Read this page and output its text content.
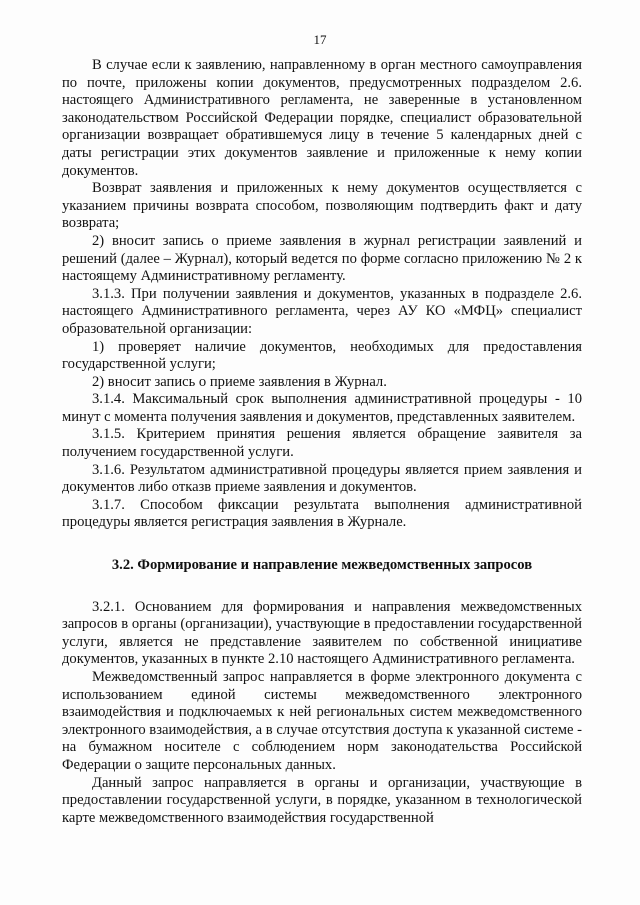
17

В случае если к заявлению, направленному в орган местного самоуправления по почте, приложены копии документов, предусмотренных подразделом 2.6. настоящего Административного регламента, не заверенные в установленном законодательством Российской Федерации порядке, специалист образовательной организации возвращает обратившемуся лицу в течение 5 календарных дней с даты регистрации этих документов заявление и приложенные к нему копии документов.

Возврат заявления и приложенных к нему документов осуществляется с указанием причины возврата способом, позволяющим подтвердить факт и дату возврата;

2) вносит запись о приеме заявления в журнал регистрации заявлений и решений (далее – Журнал), который ведется по форме согласно приложению № 2 к настоящему Административному регламенту.

3.1.3. При получении заявления и документов, указанных в подразделе 2.6. настоящего Административного регламента, через АУ КО «МФЦ» специалист образовательной организации:

1) проверяет наличие документов, необходимых для предоставления государственной услуги;

2) вносит запись о приеме заявления в Журнал.

3.1.4. Максимальный срок выполнения административной процедуры - 10 минут с момента получения заявления и документов, представленных заявителем.

3.1.5. Критерием принятия решения является обращение заявителя за получением государственной услуги.

3.1.6. Результатом административной процедуры является прием заявления и документов либо отказв приеме заявления и документов.

3.1.7. Способом фиксации результата выполнения административной процедуры является регистрация заявления в Журнале.

3.2. Формирование и направление межведомственных запросов

3.2.1. Основанием для формирования и направления межведомственных запросов в органы (организации), участвующие в предоставлении государственной услуги, является не представление заявителем по собственной инициативе документов, указанных в пункте 2.10 настоящего Административного регламента.

Межведомственный запрос направляется в форме электронного документа с использованием единой системы межведомственного электронного взаимодействия и подключаемых к ней региональных систем межведомственного электронного взаимодействия, а в случае отсутствия доступа к указанной системе - на бумажном носителе с соблюдением норм законодательства Российской Федерации о защите персональных данных.

Данный запрос направляется в органы и организации, участвующие в предоставлении государственной услуги, в порядке, указанном в технологической карте межведомственного взаимодействия государственной
